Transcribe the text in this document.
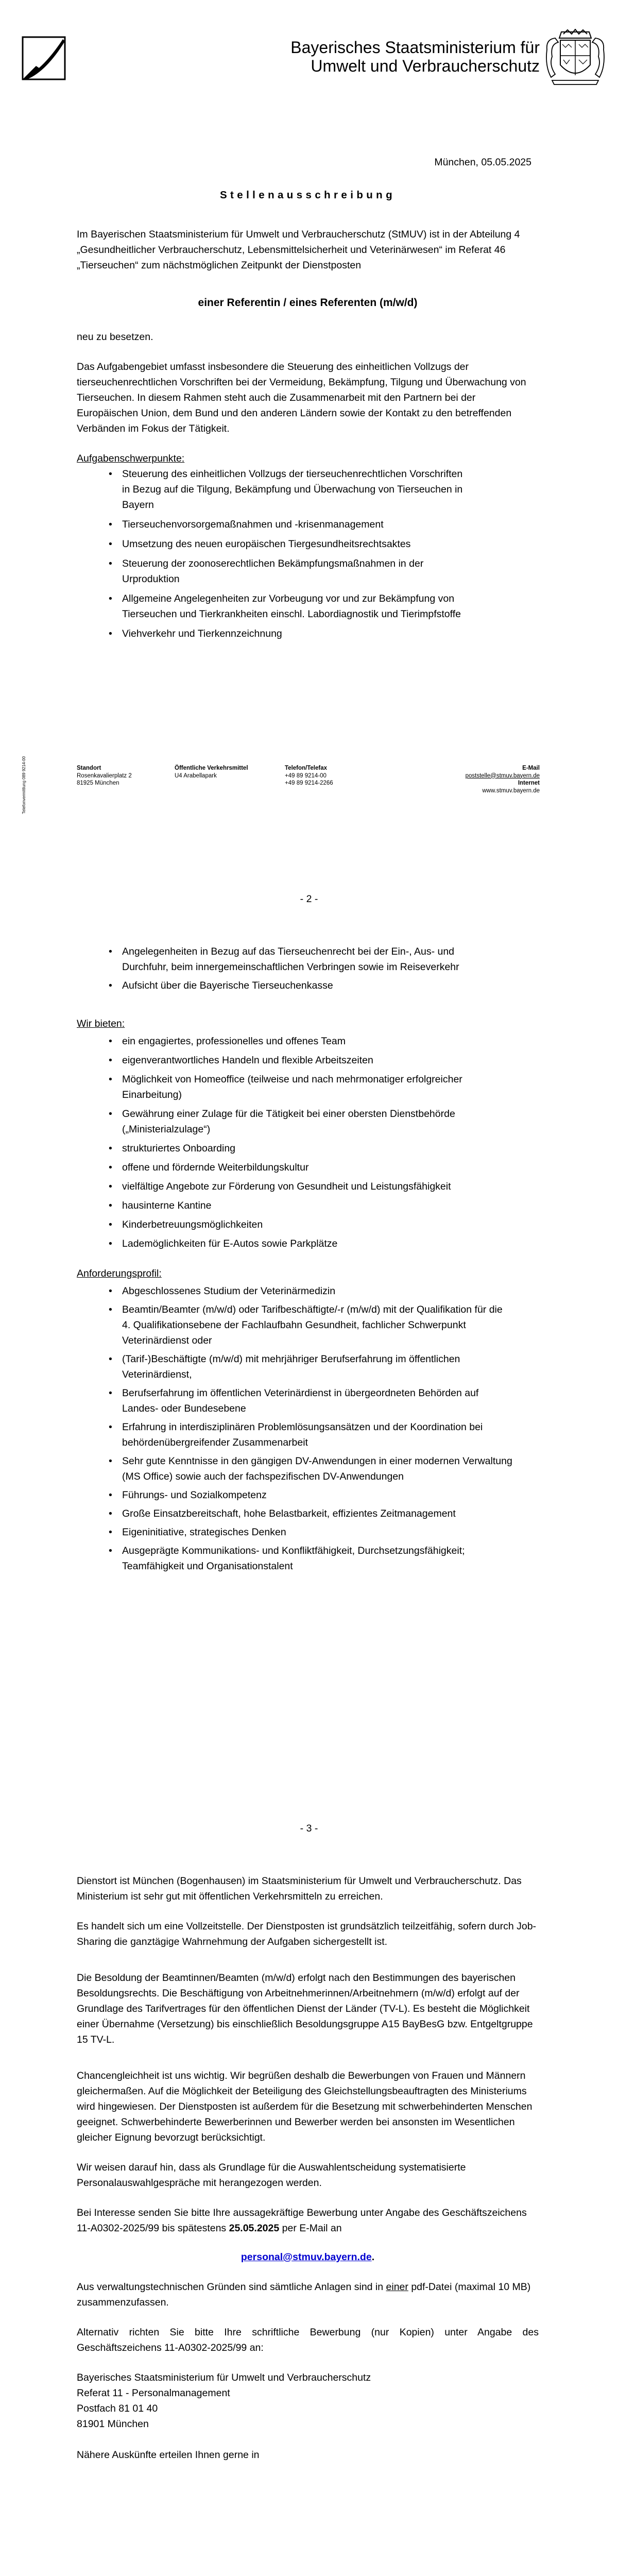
Bayerisches Staatsministerium für
Umwelt und Verbraucherschutz
München, 05.05.2025

Stellenausschreibung

Im Bayerischen Staatsministerium für Umwelt und Verbraucherschutz (StMUV) ist in der Abteilung 4 „Gesundheitlicher Verbraucherschutz, Lebensmittelsicherheit und Veterinärwesen“ im Referat 46 „Tierseuchen“ zum nächstmöglichen Zeitpunkt der Dienstposten

einer Referentin / eines Referenten (m/w/d)

neu zu besetzen.

Das Aufgabengebiet umfasst insbesondere die Steuerung des einheitlichen Vollzugs der tierseuchenrechtlichen Vorschriften bei der Vermeidung, Bekämpfung, Tilgung und Überwachung von Tierseuchen. In diesem Rahmen steht auch die Zusammenarbeit mit den Partnern bei der Europäischen Union, dem Bund und den anderen Ländern sowie der Kontakt zu den betreffenden Verbänden im Fokus der Tätigkeit.

Aufgabenschwerpunkte:

• Steuerung des einheitlichen Vollzugs der tierseuchenrechtlichen Vorschriften in Bezug auf die Tilgung, Bekämpfung und Überwachung von Tierseuchen in Bayern
• Tierseuchenvorsorgemaßnahmen und -krisenmanagement
• Umsetzung des neuen europäischen Tiergesundheitsrechtsaktes
• Steuerung der zoonoserechtlichen Bekämpfungsmaßnahmen in der Urproduktion
• Allgemeine Angelegenheiten zur Vorbeugung vor und zur Bekämpfung von Tierseuchen und Tierkrankheiten einschl. Labordiagnostik und Tierimpfstoffe
• Viehverkehr und Tierkennzeichnung
Telefonvermittlung 089 9214-00	Standort
Rosenkavalierplatz 2
81925 München
Öffentliche Verkehrsmittel
U4 Arabellapark
Telefon/Telefax
+49 89 9214-00
+49 89 9214-2266
E-Mail
poststelle@stmuv.bayern.de
Internet
www.stmuv.bayern.de
- 2 -
• Angelegenheiten in Bezug auf das Tierseuchenrecht bei der Ein-, Aus- und Durchfuhr, beim innergemeinschaftlichen Verbringen sowie im Reiseverkehr
• Aufsicht über die Bayerische Tierseuchenkasse

Wir bieten:

• ein engagiertes, professionelles und offenes Team
• eigenverantwortliches Handeln und flexible Arbeitszeiten
• Möglichkeit von Homeoffice (teilweise und nach mehrmonatiger erfolgreicher Einarbeitung)
• Gewährung einer Zulage für die Tätigkeit bei einer obersten Dienstbehörde („Ministerialzulage“)
• strukturiertes Onboarding
• offene und fördernde Weiterbildungskultur
• vielfältige Angebote zur Förderung von Gesundheit und Leistungsfähigkeit
• hausinterne Kantine
• Kinderbetreuungsmöglichkeiten
• Lademöglichkeiten für E-Autos sowie Parkplätze

Anforderungsprofil:

• Abgeschlossenes Studium der Veterinärmedizin
• Beamtin/Beamter (m/w/d) oder Tarifbeschäftigte/-r (m/w/d) mit der Qualifikation für die 4. Qualifikationsebene der Fachlaufbahn Gesundheit, fachlicher Schwerpunkt Veterinärdienst oder
• (Tarif-)Beschäftigte (m/w/d) mit mehrjähriger Berufserfahrung im öffentlichen Veterinärdienst,
• Berufserfahrung im öffentlichen Veterinärdienst in übergeordneten Behörden auf Landes- oder Bundesebene
• Erfahrung in interdisziplinären Problemlösungsansätzen und der Koordination bei behördenübergreifender Zusammenarbeit
• Sehr gute Kenntnisse in den gängigen DV-Anwendungen in einer modernen Verwaltung (MS Office) sowie auch der fachspezifischen DV-Anwendungen
• Führungs- und Sozialkompetenz
• Große Einsatzbereitschaft, hohe Belastbarkeit, effizientes Zeitmanagement
• Eigeninitiative, strategisches Denken
• Ausgeprägte Kommunikations- und Konfliktfähigkeit, Durchsetzungsfähigkeit; Teamfähigkeit und Organisationstalent
- 3 -

Dienstort ist München (Bogenhausen) im Staatsministerium für Umwelt und Verbraucherschutz. Das Ministerium ist sehr gut mit öffentlichen Verkehrsmitteln zu erreichen.

Es handelt sich um eine Vollzeitstelle. Der Dienstposten ist grundsätzlich teilzeitfähig, sofern durch Job-Sharing die ganztägige Wahrnehmung der Aufgaben sichergestellt ist.

Die Besoldung der Beamtinnen/Beamten (m/w/d) erfolgt nach den Bestimmungen des bayerischen Besoldungsrechts. Die Beschäftigung von Arbeitnehmerinnen/Arbeitnehmern (m/w/d) erfolgt auf der Grundlage des Tarifvertrages für den öffentlichen Dienst der Länder (TV-L). Es besteht die Möglichkeit einer Übernahme (Versetzung) bis einschließlich Besoldungsgruppe A15 BayBesG bzw. Entgeltgruppe 15 TV-L.

Chancengleichheit ist uns wichtig. Wir begrüßen deshalb die Bewerbungen von Frauen und Männern gleichermaßen. Auf die Möglichkeit der Beteiligung des Gleichstellungsbeauftragten des Ministeriums wird hingewiesen. Der Dienstposten ist außerdem für die Besetzung mit schwerbehinderten Menschen geeignet. Schwerbehinderte Bewerberinnen und Bewerber werden bei ansonsten im Wesentlichen gleicher Eignung bevorzugt berücksichtigt.

Wir weisen darauf hin, dass als Grundlage für die Auswahlentscheidung systematisierte Personalauswahlgespräche mit herangezogen werden.

Bei Interesse senden Sie bitte Ihre aussagekräftige Bewerbung unter Angabe des Geschäftszeichens 11-A0302-2025/99 bis spätestens 25.05.2025 per E-Mail an

personal@stmuv.bayern.de.

Aus verwaltungstechnischen Gründen sind sämtliche Anlagen sind in einer pdf-Datei (maximal 10 MB) zusammenzufassen.

Alternativ richten Sie bitte Ihre schriftliche Bewerbung (nur Kopien) unter Angabe des Geschäftszeichens 11-A0302-2025/99 an:

Bayerisches Staatsministerium für Umwelt und Verbraucherschutz
Referat 11 - Personalmanagement
Postfach 81 01 40
81901 München

Nähere Auskünfte erteilen Ihnen gerne in
